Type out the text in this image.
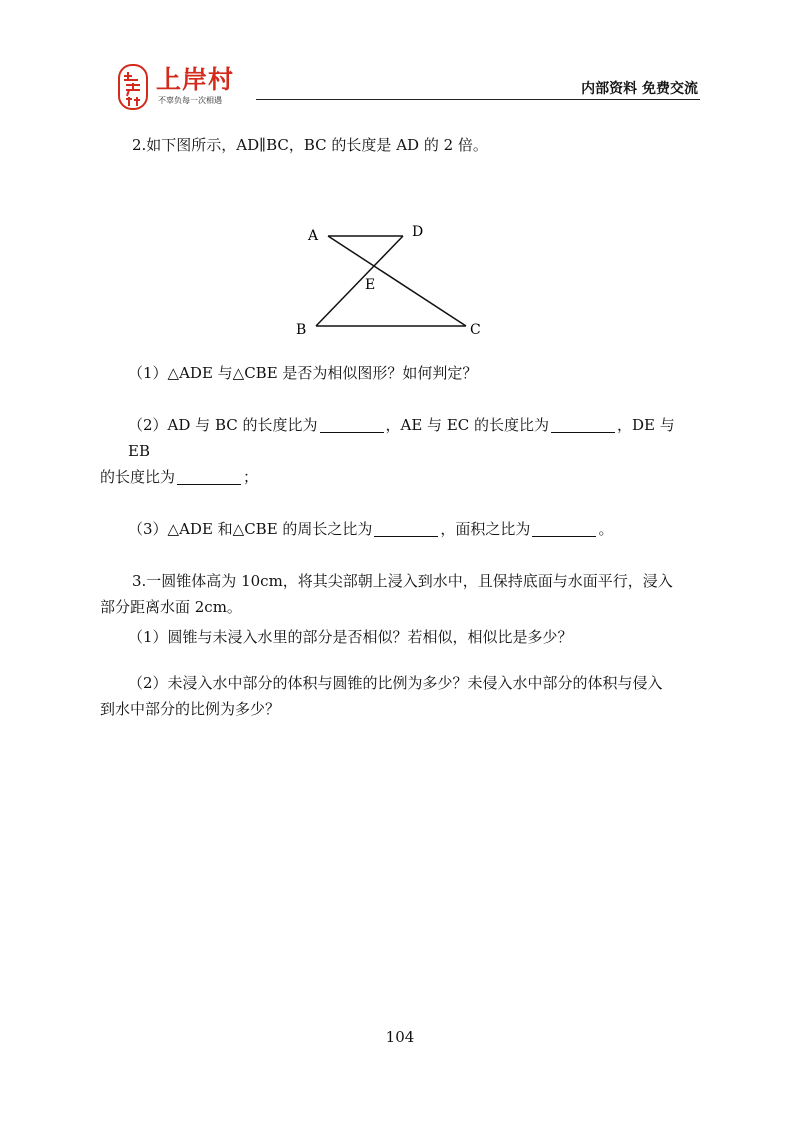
上岸村
不辜负每一次相遇
内部资料 免费交流

2.如下图所示，AD∥BC，BC 的长度是 AD 的 2 倍。

A	D
E
B	C

（1）△ADE 与△CBE 是否为相似图形？如何判定？

（2）AD 与 BC 的长度比为	，AE 与 EC 的长度比为	，DE 与 EB

的长度比为	；

（3）△ADE 和△CBE 的周长之比为	，面积之比为	。

3.一圆锥体高为 10cm，将其尖部朝上浸入到水中，且保持底面与水面平行，浸入

部分距离水面 2cm。

（1）圆锥与未浸入水里的部分是否相似？若相似，相似比是多少？

（2）未浸入水中部分的体积与圆锥的比例为多少？未侵入水中部分的体积与侵入

到水中部分的比例为多少？

104
